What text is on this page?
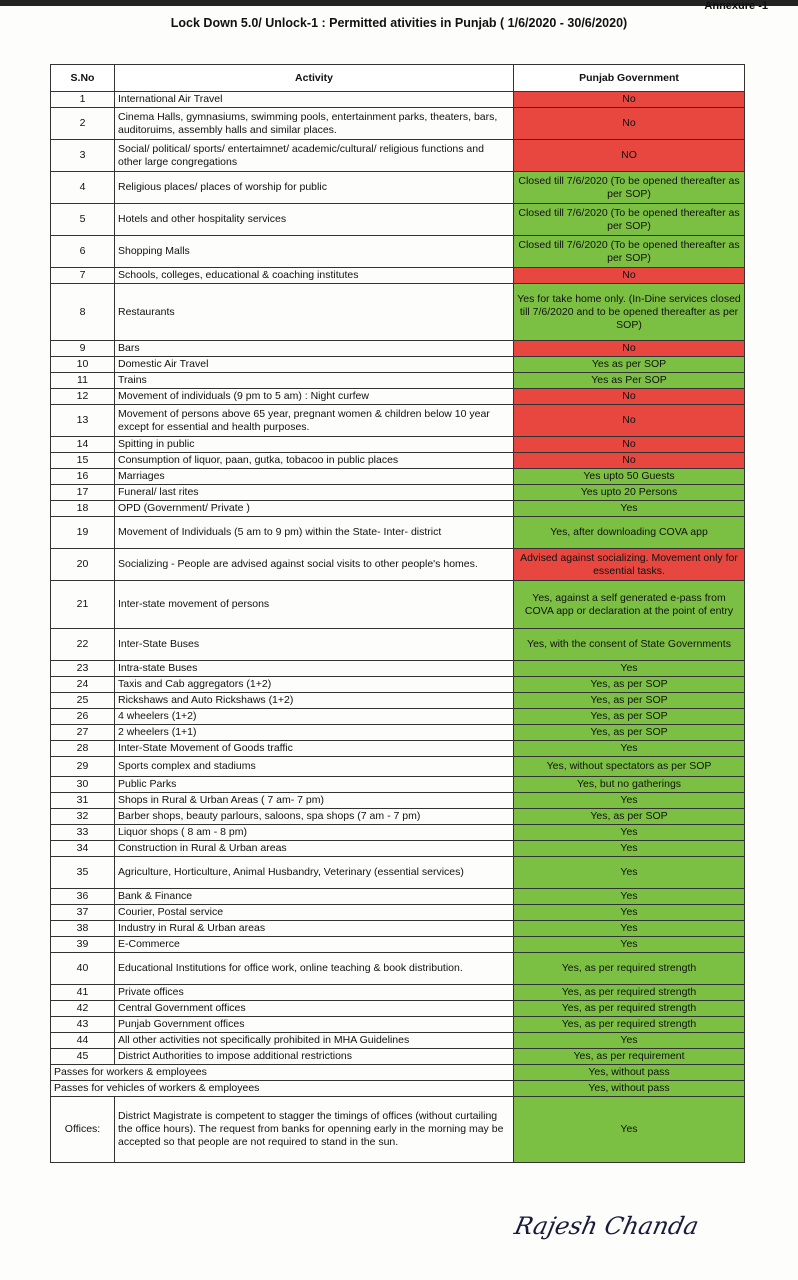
Annexure -1
Lock Down 5.0/ Unlock-1 : Permitted ativities in Punjab ( 1/6/2020 - 30/6/2020)
S.No	Activity	Punjab Government
1	International Air Travel	No
2	Cinema Halls, gymnasiums, swimming pools, entertainment parks, theaters, bars, auditoruims, assembly halls and similar places.	No
3	Social/ political/ sports/ entertaimnet/ academic/cultural/ religious functions and other large congregations	NO
4	Religious places/ places of worship for public	Closed till 7/6/2020 (To be opened thereafter as per SOP)
5	Hotels and other hospitality services	Closed till 7/6/2020 (To be opened thereafter as per SOP)
6	Shopping Malls	Closed till 7/6/2020 (To be opened thereafter as per SOP)
7	Schools, colleges, educational & coaching institutes	No
8	Restaurants	Yes for take home only. (In-Dine services closed till 7/6/2020 and to be opened thereafter as per SOP)
9	Bars	No
10	Domestic Air Travel	Yes as per SOP
11	Trains	Yes as Per SOP
12	Movement of individuals (9 pm to 5 am) : Night curfew	No
13	Movement of persons above 65 year, pregnant women & children below 10 year except for essential and health purposes.	No
14	Spitting in public	No
15	Consumption of liquor, paan, gutka, tobacoo in public places	No
16	Marriages	Yes upto 50 Guests
17	Funeral/ last rites	Yes upto 20 Persons
18	OPD (Government/ Private )	Yes
19	Movement of Individuals (5 am to 9 pm) within the State- Inter- district	Yes, after downloading COVA app
20	Socializing - People are advised against social visits to other people's homes.	Advised against socializing. Movement only for essential tasks.
21	Inter-state movement of persons	Yes, against a self generated e-pass from COVA app or declaration at the point of entry
22	Inter-State Buses	Yes, with the consent of State Governments
23	Intra-state Buses	Yes
24	Taxis and Cab aggregators (1+2)	Yes, as per SOP
25	Rickshaws and Auto Rickshaws (1+2)	Yes, as per SOP
26	4 wheelers (1+2)	Yes, as per SOP
27	2 wheelers (1+1)	Yes, as per SOP
28	Inter-State Movement of Goods traffic	Yes
29	Sports complex and stadiums	Yes, without spectators as per SOP
30	Public Parks	Yes, but no gatherings
31	Shops in Rural & Urban Areas ( 7 am- 7 pm)	Yes
32	Barber shops, beauty parlours, saloons, spa shops (7 am - 7 pm)	Yes, as per SOP
33	Liquor shops ( 8 am - 8 pm)	Yes
34	Construction in Rural & Urban areas	Yes
35	Agriculture, Horticulture, Animal Husbandry, Veterinary (essential services)	Yes
36	Bank & Finance	Yes
37	Courier, Postal service	Yes
38	Industry in Rural & Urban areas	Yes
39	E-Commerce	Yes
40	Educational Institutions for office work, online teaching & book distribution.	Yes, as per required strength
41	Private offices	Yes, as per required strength
42	Central Government offices	Yes, as per required strength
43	Punjab Government offices	Yes, as per required strength
44	All other activities not specifically prohibited in MHA Guidelines	Yes
45	District Authorities to impose additional restrictions	Yes, as per requirement
Passes for workers & employees		Yes, without pass
Passes for vehicles of workers & employees		Yes, without pass
Offices:	District Magistrate is competent to stagger the timings of offices (without curtailing the office hours). The request from banks for openning early in the morning may be accepted so that people are not required to stand in the sun.	Yes
Rajesh Chanda
